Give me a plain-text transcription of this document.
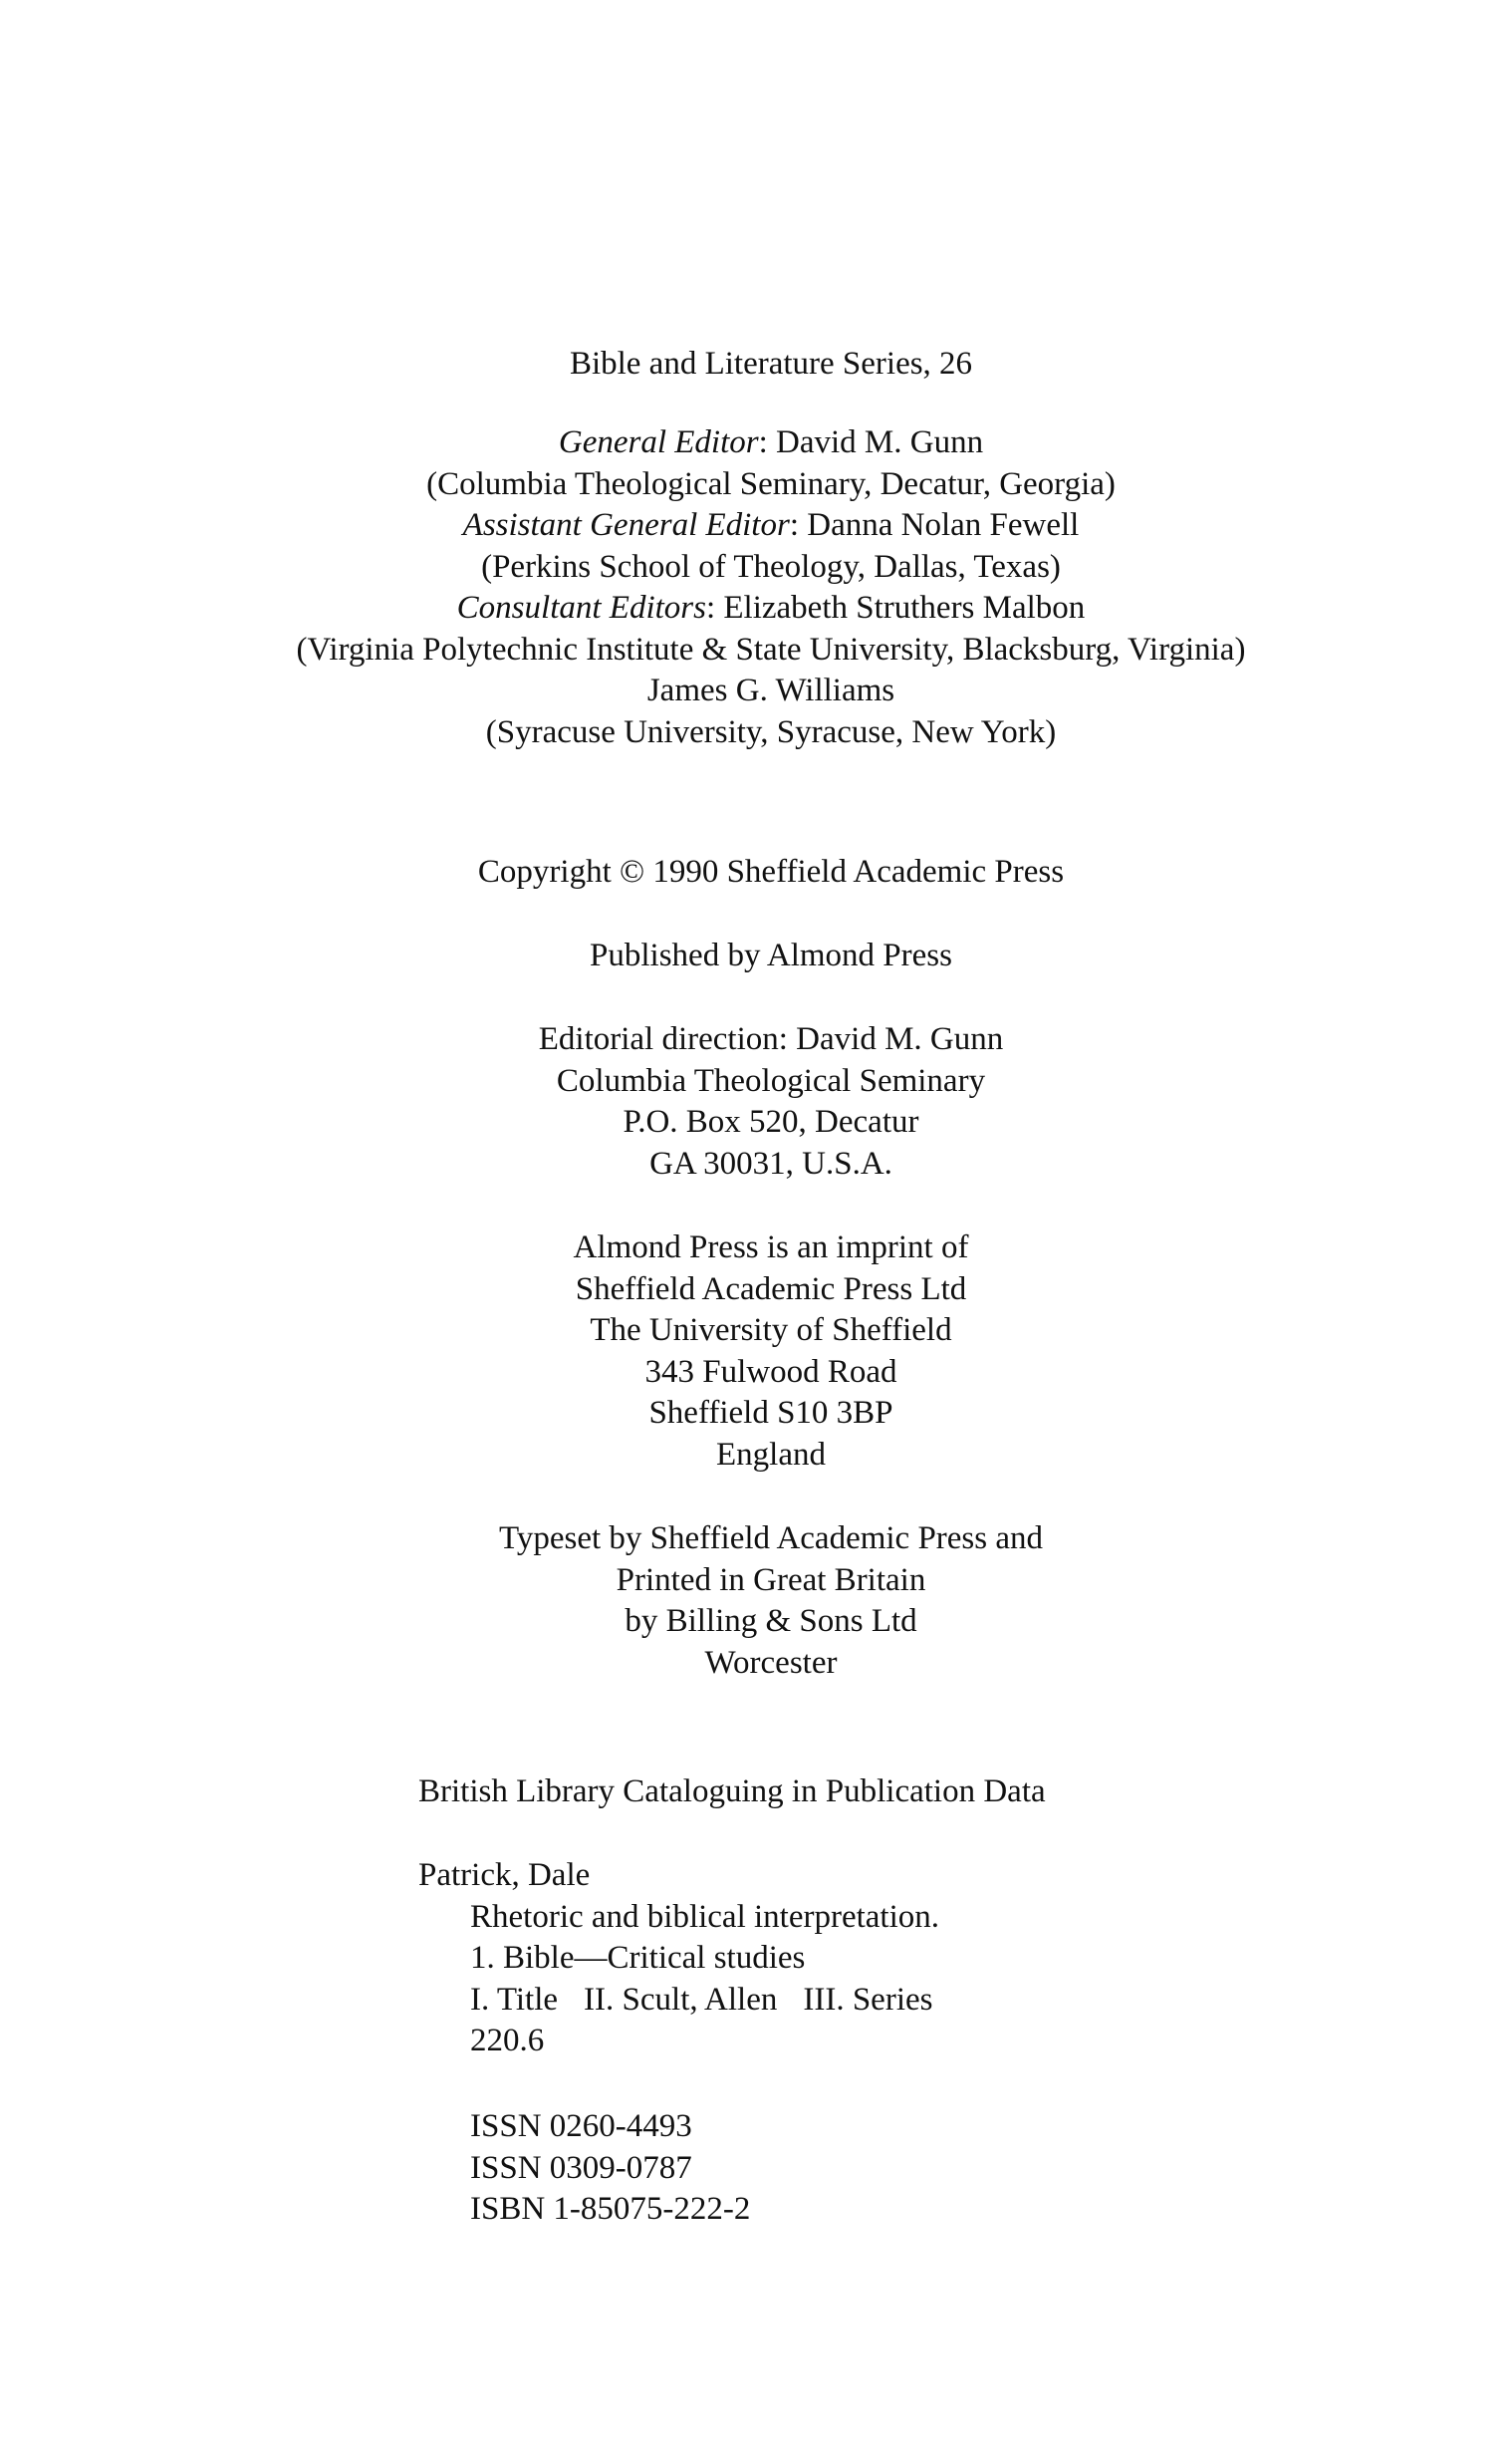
Bible and Literature Series, 26
General Editor: David M. Gunn
(Columbia Theological Seminary, Decatur, Georgia)
Assistant General Editor: Danna Nolan Fewell
(Perkins School of Theology, Dallas, Texas)
Consultant Editors: Elizabeth Struthers Malbon
(Virginia Polytechnic Institute & State University, Blacksburg, Virginia)
James G. Williams
(Syracuse University, Syracuse, New York)
Copyright © 1990 Sheffield Academic Press
Published by Almond Press
Editorial direction: David M. Gunn
Columbia Theological Seminary
P.O. Box 520, Decatur
GA 30031, U.S.A.
Almond Press is an imprint of
Sheffield Academic Press Ltd
The University of Sheffield
343 Fulwood Road
Sheffield S10 3BP
England
Typeset by Sheffield Academic Press and
Printed in Great Britain
by Billing & Sons Ltd
Worcester
British Library Cataloguing in Publication Data
Patrick, Dale
Rhetoric and biblical interpretation.
1. Bible—Critical studies
I. Title II. Scult, Allen III. Series
220.6
ISSN 0260-4493
ISSN 0309-0787
ISBN 1-85075-222-2
